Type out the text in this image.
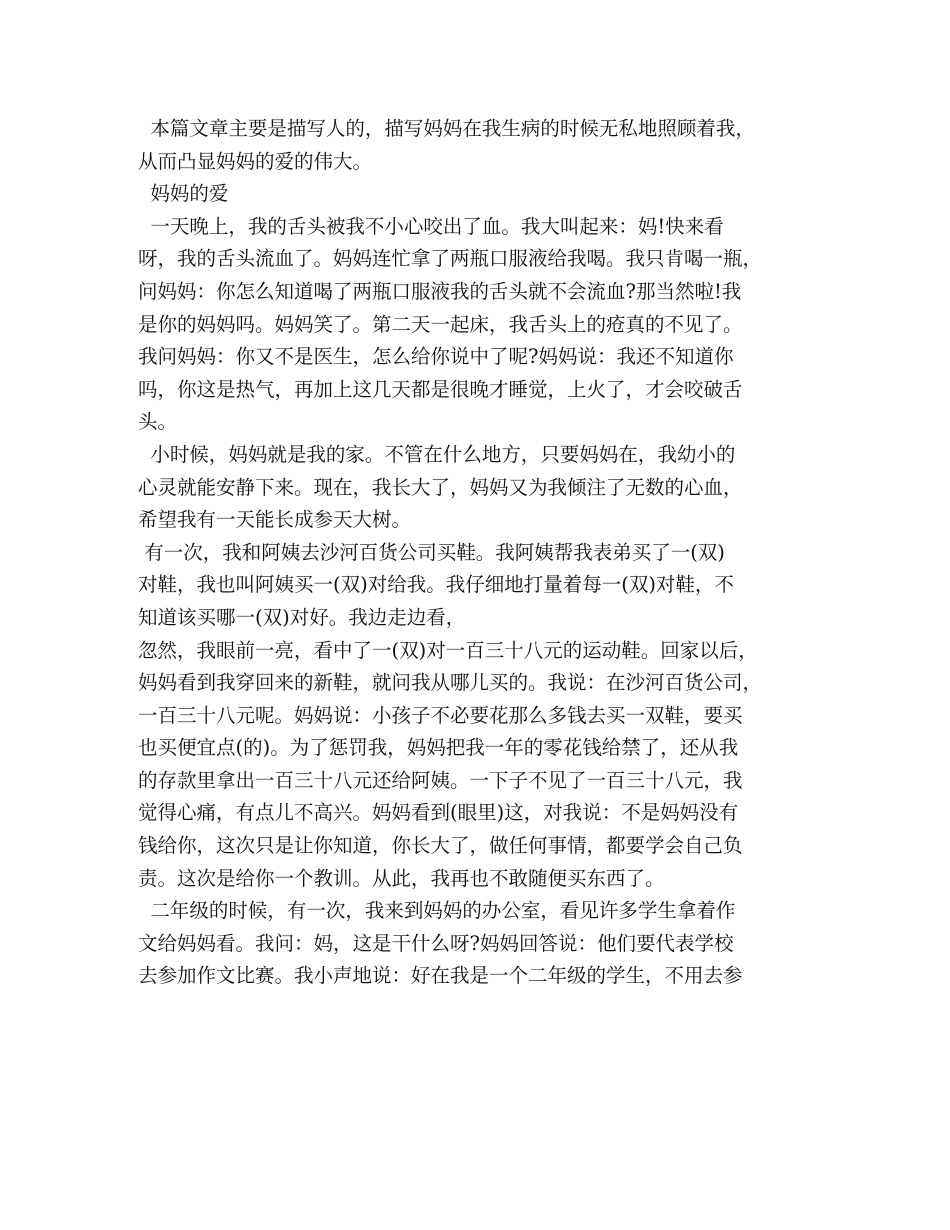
本篇文章主要是描写人的，描写妈妈在我生病的时候无私地照顾着我，
从而凸显妈妈的爱的伟大。
妈妈的爱
一天晚上，我的舌头被我不小心咬出了血。我大叫起来：妈!快来看
呀，我的舌头流血了。妈妈连忙拿了两瓶口服液给我喝。我只肯喝一瓶，
问妈妈：你怎么知道喝了两瓶口服液我的舌头就不会流血?那当然啦!我
是你的妈妈吗。妈妈笑了。第二天一起床，我舌头上的疮真的不见了。
我问妈妈：你又不是医生，怎么给你说中了呢?妈妈说：我还不知道你
吗，你这是热气，再加上这几天都是很晚才睡觉，上火了，才会咬破舌
头。
小时候，妈妈就是我的家。不管在什么地方，只要妈妈在，我幼小的
心灵就能安静下来。现在，我长大了，妈妈又为我倾注了无数的心血，
希望我有一天能长成参天大树。
有一次，我和阿姨去沙河百货公司买鞋。我阿姨帮我表弟买了一(双)
对鞋，我也叫阿姨买一(双)对给我。我仔细地打量着每一(双)对鞋，不
知道该买哪一(双)对好。我边走边看，
忽然，我眼前一亮，看中了一(双)对一百三十八元的运动鞋。回家以后，
妈妈看到我穿回来的新鞋，就问我从哪儿买的。我说：在沙河百货公司，
一百三十八元呢。妈妈说：小孩子不必要花那么多钱去买一双鞋，要买
也买便宜点(的)。为了惩罚我，妈妈把我一年的零花钱给禁了，还从我
的存款里拿出一百三十八元还给阿姨。一下子不见了一百三十八元，我
觉得心痛，有点儿不高兴。妈妈看到(眼里)这，对我说：不是妈妈没有
钱给你，这次只是让你知道，你长大了，做任何事情，都要学会自己负
责。这次是给你一个教训。从此，我再也不敢随便买东西了。
二年级的时候，有一次，我来到妈妈的办公室，看见许多学生拿着作
文给妈妈看。我问：妈，这是干什么呀?妈妈回答说：他们要代表学校
去参加作文比赛。我小声地说：好在我是一个二年级的学生，不用去参
